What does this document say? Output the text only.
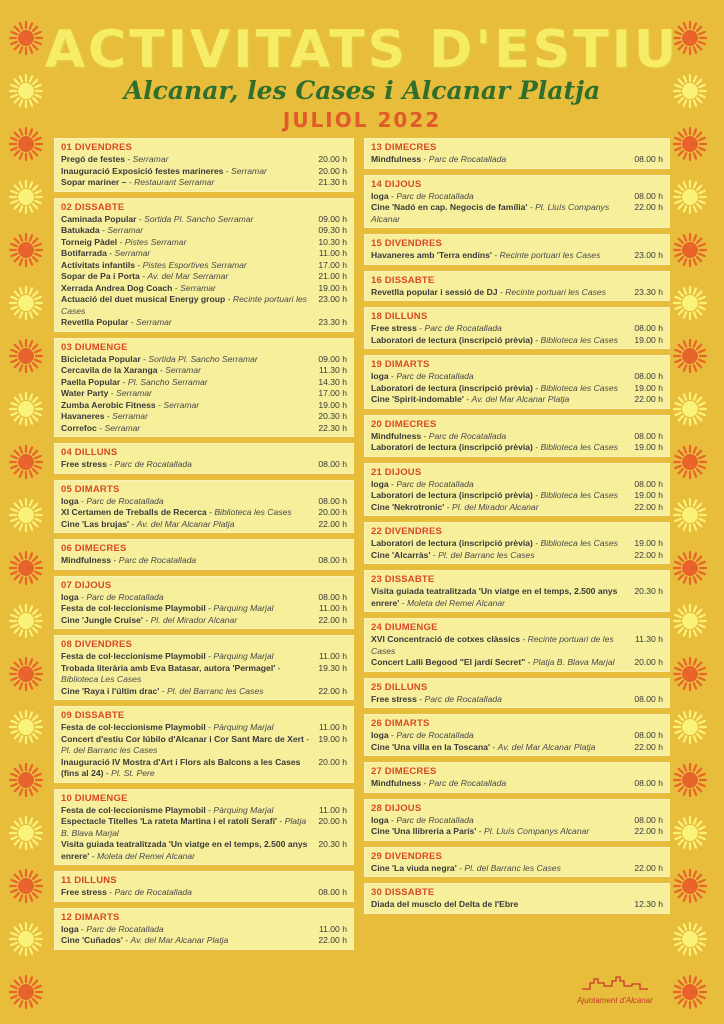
ACTIVITATS D'ESTIU
Alcanar, les Cases i Alcanar Platja
JULIOL 2022
01 DIVENDRES
Pregó de festes - Serramar	20.00 h
Inauguració Exposició festes marineres - Serramar	20.00 h
Sopar mariner – - Restaurant Serramar	21.30 h
02 DISSABTE
Caminada Popular - Sortida Pl. Sancho Serramar	09.00 h
Batukada - Serramar	09.30 h
Torneig Pàdel - Pistes Serramar	10.30 h
Botifarrada - Serramar	11.00 h
Activitats infantils - Pistes Esportives Serramar	17.00 h
Sopar de Pa i Porta - Av. del Mar Serramar	21.00 h
Xerrada Andrea Dog Coach - Serramar	19.00 h
Actuació del duet musical Energy group - Recinte portuari les Cases
23.00 h
Revetlla Popular - Serramar	23.30 h
03 DIUMENGE
Bicicletada Popular - Sortida Pl. Sancho Serramar	09.00 h
Cercavila de la Xaranga - Serramar	11.30 h
Paella Popular - Pl. Sancho Serramar	14.30 h
Water Party - Serramar	17.00 h
Zumba Aerobic Fitness - Serramar	19.00 h
Havaneres - Serramar	20.30 h
Correfoc - Serramar	22.30 h
04 DILLUNS
Free stress - Parc de Rocatallada	08.00 h
05 DIMARTS
Ioga - Parc de Rocatallada	08.00 h
XI Certamen de Treballs de Recerca - Biblioteca les Cases	20.00 h
Cine 'Las brujas' - Av. del Mar Alcanar Platja	22.00 h
06 DIMECRES
Mindfulness - Parc de Rocatallada	08.00 h
07 DIJOUS
Ioga - Parc de Rocatallada	08.00 h
Festa de col·leccionisme Playmobil - Pàrquing Marjal	11.00 h
Cine 'Jungle Cruise' - Pl. del Mirador Alcanar	22.00 h
08 DIVENDRES
Festa de col·leccionisme Playmobil - Pàrquing Marjal	11.00 h
Trobada literària amb Eva Batasar, autora 'Permagel' - Biblioteca Les Cases
19.30 h
Cine 'Raya i l'últim drac' - Pl. del Barranc les Cases	22.00 h
09 DISSABTE
Festa de col·leccionisme Playmobil - Pàrquing Marjal	11.00 h
Concert d'estiu Cor Iúbilo d'Alcanar i Cor Sant Marc de Xert - Pl. del Barranc les Cases
19.00 h
Inauguració IV Mostra d'Art i Flors als Balcons a les Cases (fins al 24) - Pl. St. Pere
20.00 h
10 DIUMENGE
Festa de col·leccionisme Playmobil - Pàrquing Marjal	11.00 h
Espectacle Titelles 'La rateta Martina i el ratolí Serafí' - Platja B. Blava Marjal
20.00 h
Visita guiada teatralitzada 'Un viatge en el temps, 2.500 anys enrere' - Moleta del Remei Alcanar
20.30 h
11 DILLUNS
Free stress - Parc de Rocatallada	08.00 h
12 DIMARTS
Ioga - Parc de Rocatallada	11.00 h
Cine 'Cuñados' - Av. del Mar Alcanar Platja	22.00 h
13 DIMECRES
Mindfulness - Parc de Rocatallada	08.00 h
14 DIJOUS
Ioga - Parc de Rocatallada	08.00 h
Cine 'Nadó en cap. Negocis de família' - Pl. Lluís Companys Alcanar
22.00 h
15 DIVENDRES
Havaneres amb 'Terra endins' - Recinte portuari les Cases	23.00 h
16 DISSABTE
Revetlla popular i sessió de DJ - Recinte portuari les Cases	23.30 h
18 DILLUNS
Free stress - Parc de Rocatallada	08.00 h
Laboratori de lectura (inscripció prèvia) - Biblioteca les Cases	19.00 h
19 DIMARTS
Ioga - Parc de Rocatallada	08.00 h
Laboratori de lectura (inscripció prèvia) - Biblioteca les Cases	19.00 h
Cine 'Spirit-indomable' - Av. del Mar Alcanar Platja	22.00 h
20 DIMECRES
Mindfulness - Parc de Rocatallada	08.00 h
Laboratori de lectura (inscripció prèvia) - Biblioteca les Cases	19.00 h
21 DIJOUS
Ioga - Parc de Rocatallada	08.00 h
Laboratori de lectura (inscripció prèvia) - Biblioteca les Cases	19.00 h
Cine 'Nekrotronic' - Pl. del Mirador Alcanar	22.00 h
22 DIVENDRES
Laboratori de lectura (inscripció prèvia) - Biblioteca les Cases	19.00 h
Cine 'Alcarràs' - Pl. del Barranc les Cases	22.00 h
23 DISSABTE
Visita guiada teatralitzada 'Un viatge en el temps, 2.500 anys enrere' - Moleta del Remei Alcanar
20.30 h
24 DIUMENGE
XVI Concentració de cotxes clàssics - Recinte portuari de les Cases
11.30 h
Concert Lalli Begood "El jardí Secret" - Platja B. Blava Marjal	20.00 h
25 DILLUNS
Free stress - Parc de Rocatallada	08.00 h
26 DIMARTS
Ioga - Parc de Rocatallada	08.00 h
Cine 'Una villa en la Toscana' - Av. del Mar Alcanar Platja	22.00 h
27 DIMECRES
Mindfulness - Parc de Rocatallada	08.00 h
28 DIJOUS
Ioga - Parc de Rocatallada	08.00 h
Cine 'Una llibreria a París' - Pl. Lluís Companys Alcanar	22.00 h
29 DIVENDRES
Cine 'La viuda negra' - Pl. del Barranc les Cases	22.00 h
30 DISSABTE
Diada del musclo del Delta de l'Ebre	12.30 h
Ajuntament d'Alcanar
